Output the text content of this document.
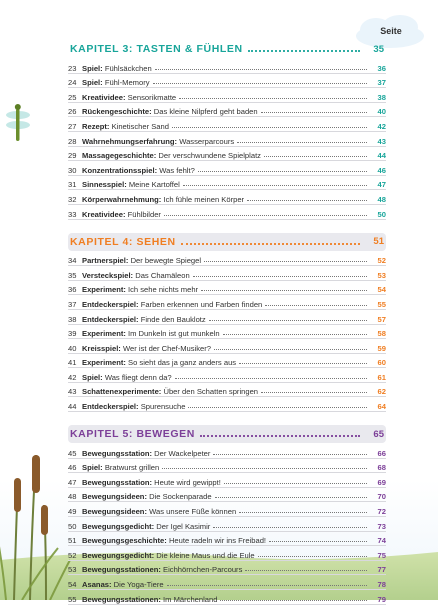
Seite
KAPITEL 3: TASTEN & FÜHLEN	35
23 Spiel: Fühlsäckchen	36
24 Spiel: Fühl-Memory	37
25 Kreatividee: Sensorikmatte	38
26 Rückengeschichte: Das kleine Nilpferd geht baden	40
27 Rezept: Kinetischer Sand	42
28 Wahrnehmungserfahrung: Wasserparcours	43
29 Massagegeschichte: Der verschwundene Spielplatz	44
30 Konzentrationsspiel: Was fehlt?	46
31 Sinnesspiel: Meine Kartoffel	47
32 Körperwahrnehmung: Ich fühle meinen Körper	48
33 Kreatividee: Fühlbilder	50
KAPITEL 4: SEHEN	51
34 Partnerspiel: Der bewegte Spiegel	52
35 Versteckspiel: Das Chamäleon	53
36 Experiment: Ich sehe nichts mehr	54
37 Entdeckerspiel: Farben erkennen und Farben finden	55
38 Entdeckerspiel: Finde den Bauklotz	57
39 Experiment: Im Dunkeln ist gut munkeln	58
40 Kreisspiel: Wer ist der Chef-Musiker?	59
41 Experiment: So sieht das ja ganz anders aus	60
42 Spiel: Was fliegt denn da?	61
43 Schattenexperimente: Über den Schatten springen	62
44 Entdeckerspiel: Spurensuche	64
KAPITEL 5: BEWEGEN	65
45 Bewegungsstation: Der Wackelpeter	66
46 Spiel: Bratwurst grillen	68
47 Bewegungsstation: Heute wird gewippt!	69
48 Bewegungsideen: Die Sockenparade	70
49 Bewegungsideen: Was unsere Füße können	72
50 Bewegungsgedicht: Der Igel Kasimir	73
51 Bewegungsgeschichte: Heute radeln wir ins Freibad!	74
52 Bewegungsgedicht: Die kleine Maus und die Eule	75
53 Bewegungsstationen: Eichhörnchen-Parcours	77
54 Asanas: Die Yoga-Tiere	78
55 Bewegungsstationen: Im Märchenland	79
